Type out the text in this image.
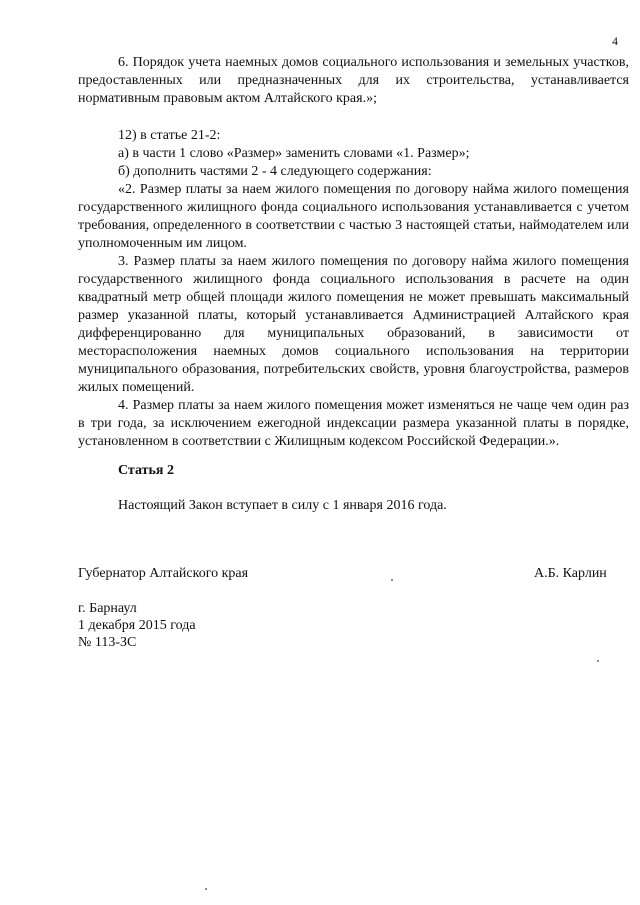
4

6. Порядок учета наемных домов социального использования и земельных участков, предоставленных или предназначенных для их строительства, устанавливается нормативным правовым актом Алтайского края.»;

12) в статье 21-2:

а) в части 1 слово «Размер» заменить словами «1. Размер»;

б) дополнить частями 2 - 4 следующего содержания:

«2. Размер платы за наем жилого помещения по договору найма жилого помещения государственного жилищного фонда социального использования устанавливается с учетом требования, определенного в соответствии с частью 3 настоящей статьи, наймодателем или уполномоченным им лицом.

3. Размер платы за наем жилого помещения по договору найма жилого помещения государственного жилищного фонда социального использования в расчете на один квадратный метр общей площади жилого помещения не может превышать максимальный размер указанной платы, который устанавливается Администрацией Алтайского края дифференцированно для муниципальных образований, в зависимости от месторасположения наемных домов социального использования на территории муниципального образования, потребительских свойств, уровня благоустройства, размеров жилых помещений.

4. Размер платы за наем жилого помещения может изменяться не чаще чем один раз в три года, за исключением ежегодной индексации размера указанной платы в порядке, установленном в соответствии с Жилищным кодексом Российской Федерации.».

Статья 2
Настоящий Закон вступает в силу с 1 января 2016 года.
Губернатор Алтайского края	А.Б. Карлин
г. Барнаул
1 декабря 2015 года
№ 113-ЗС
